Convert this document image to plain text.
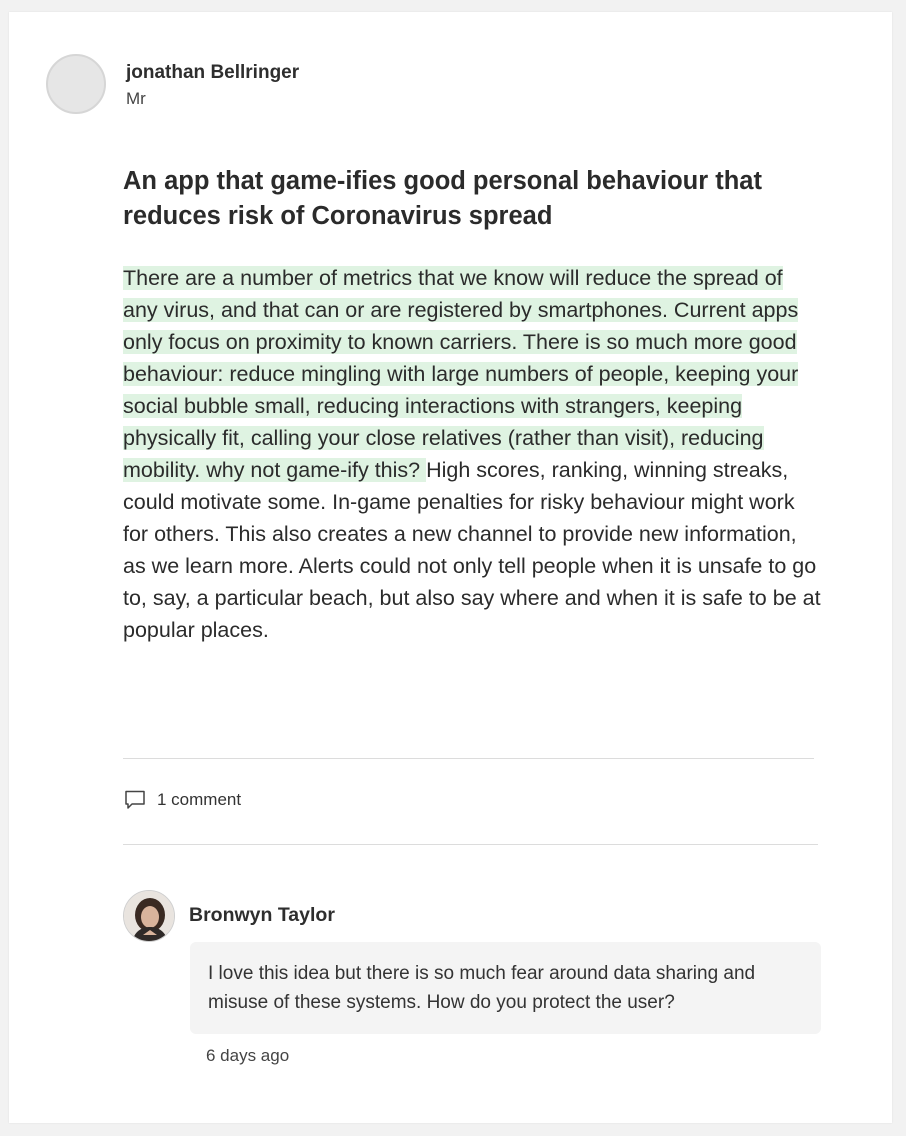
jonathan Bellringer
Mr
An app that game-ifies good personal behaviour that reduces risk of Coronavirus spread

There are a number of metrics that we know will reduce the spread of any virus, and that can or are registered by smartphones. Current apps only focus on proximity to known carriers. There is so much more good behaviour: reduce mingling with large numbers of people, keeping your social bubble small, reducing interactions with strangers, keeping physically fit, calling your close relatives (rather than visit), reducing mobility. why not game-ify this? High scores, ranking, winning streaks, could motivate some. In-game penalties for risky behaviour might work for others. This also creates a new channel to provide new information, as we learn more. Alerts could not only tell people when it is unsafe to go to, say, a particular beach, but also say where and when it is safe to be at popular places.

1 comment
Bronwyn Taylor
I love this idea but there is so much fear around data sharing and misuse of these systems. How do you protect the user?
6 days ago
